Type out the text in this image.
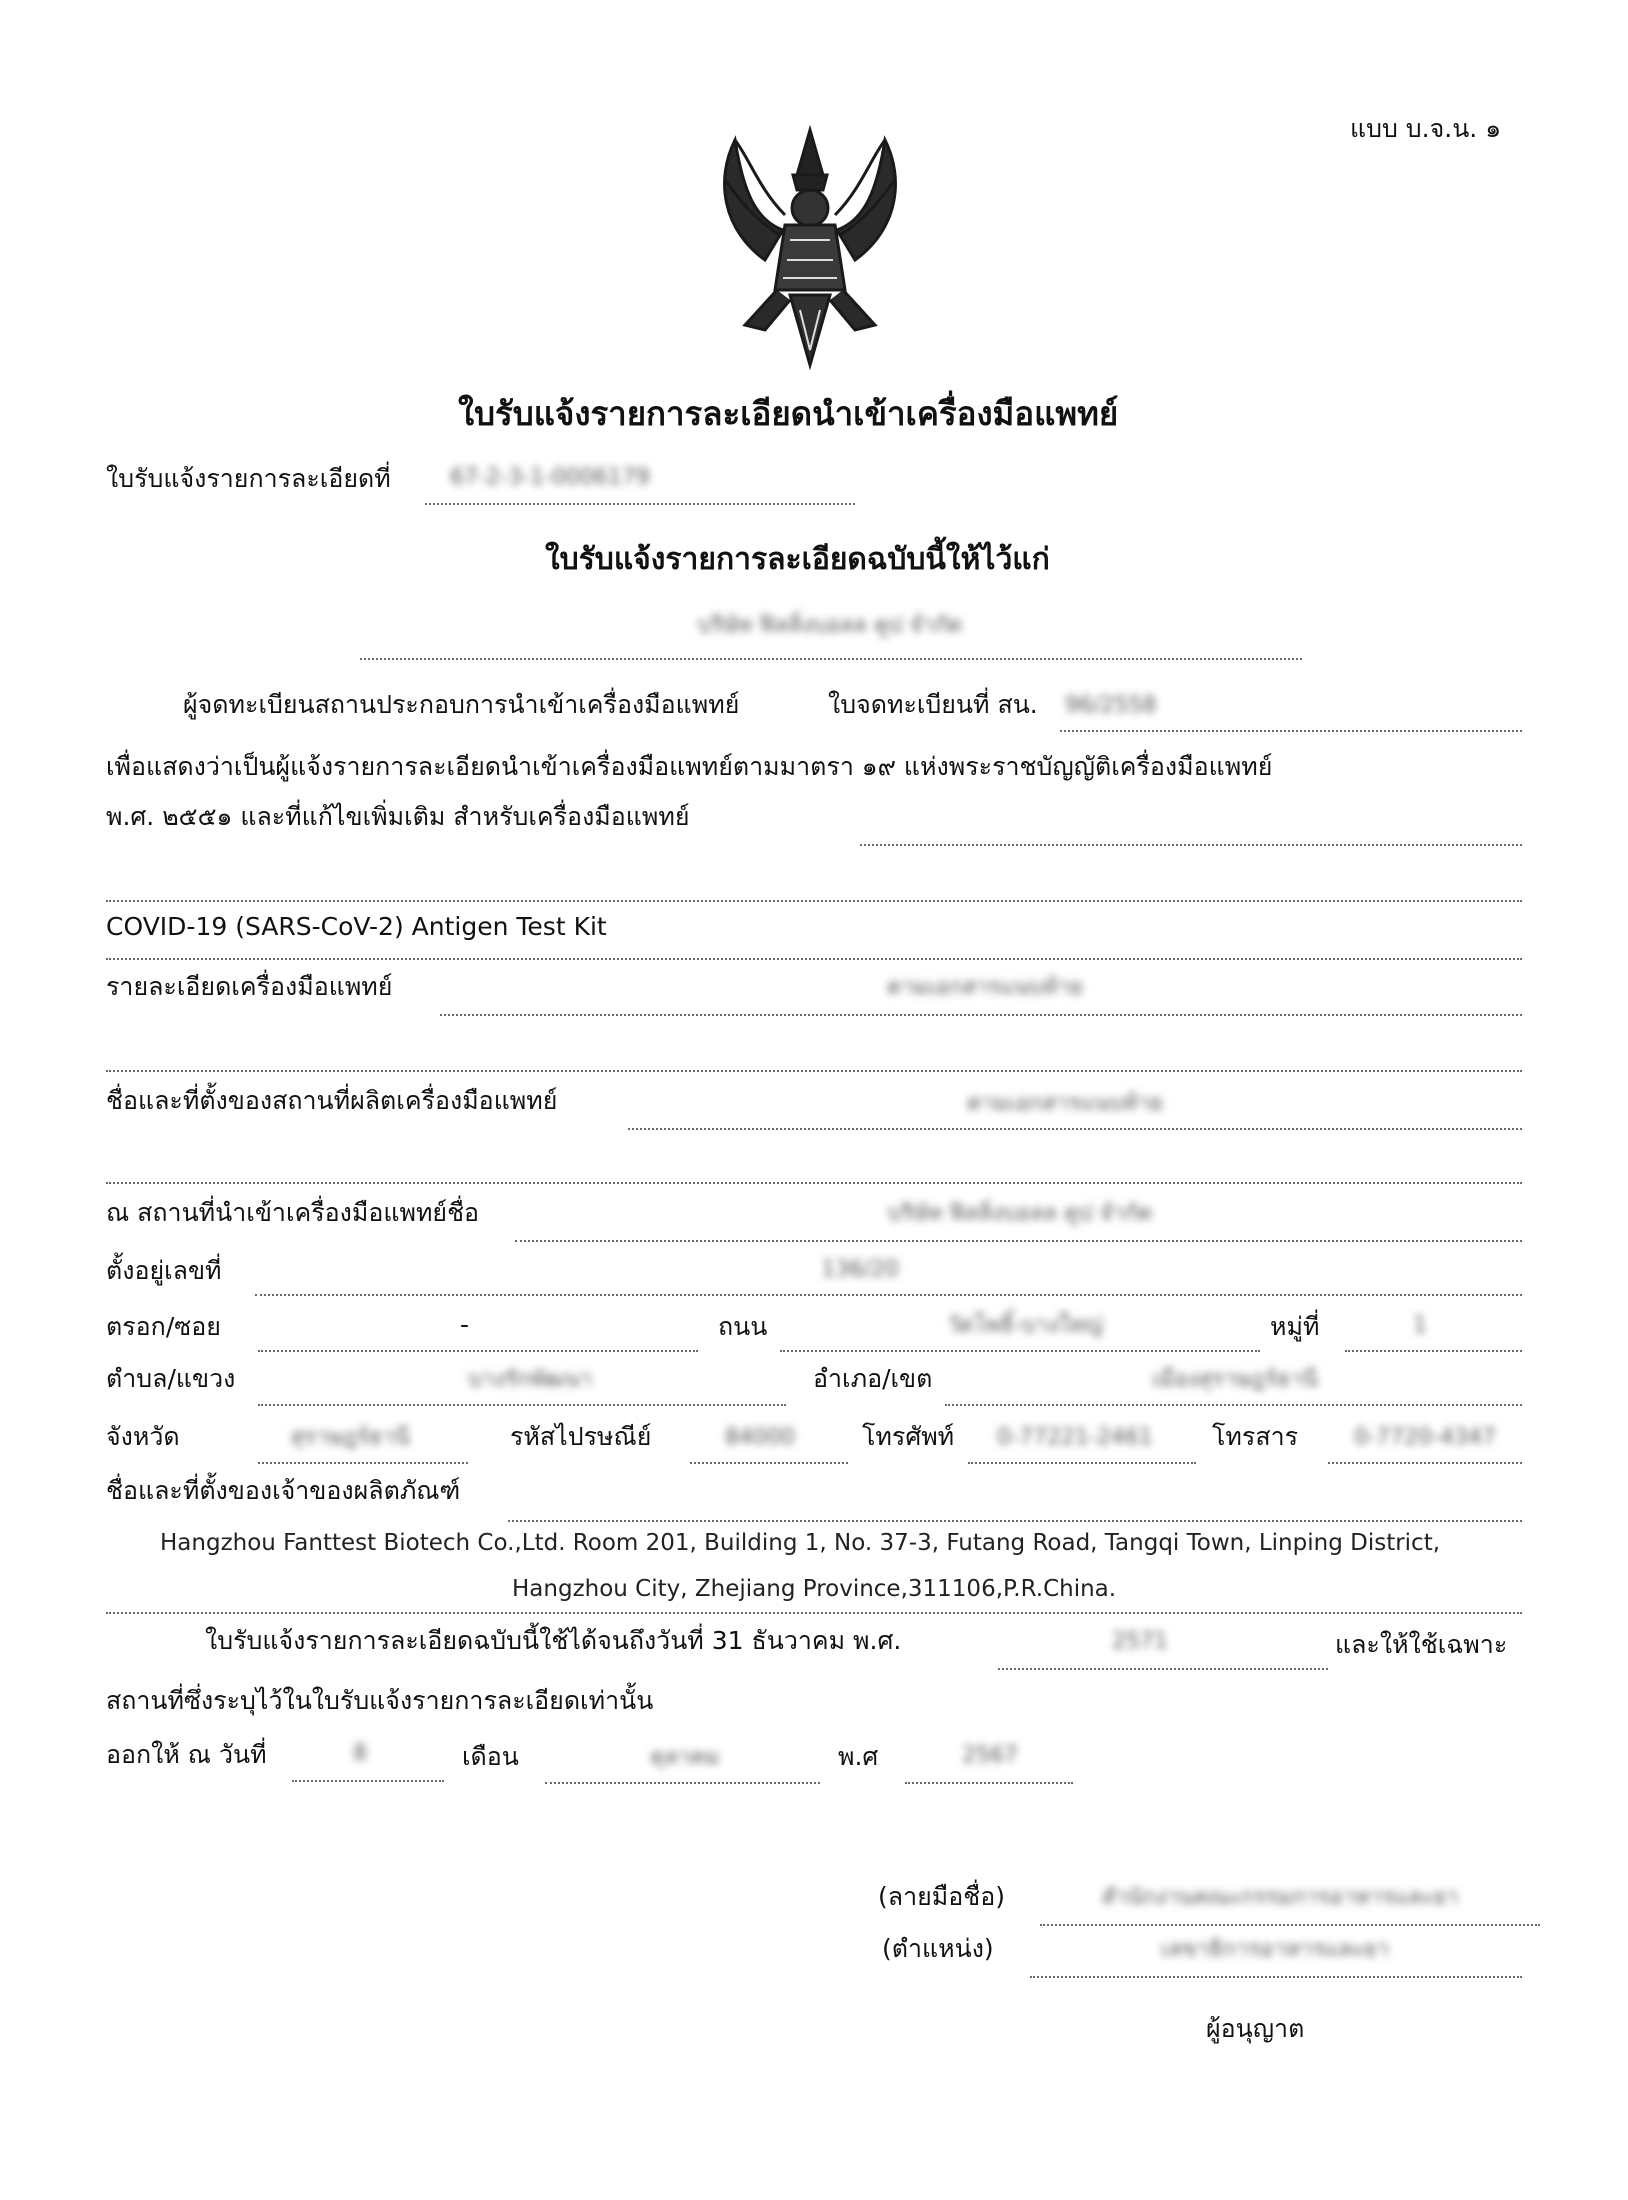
แบบ บ.จ.น. ๑
ใบรับแจ้งรายการละเอียดนำเข้าเครื่องมือแพทย์
ใบรับแจ้งรายการละเอียดที่	67-2-3-1-0006179
ใบรับแจ้งรายการละเอียดฉบับนี้ให้ไว้แก่
บริษัท ฟิลลิ่งบอลล คูป จำกัด
ผู้จดทะเบียนสถานประกอบการนำเข้าเครื่องมือแพทย์	ใบจดทะเบียนที่ สน. 96/2558
เพื่อแสดงว่าเป็นผู้แจ้งรายการละเอียดนำเข้าเครื่องมือแพทย์ตามมาตรา ๑๙ แห่งพระราชบัญญัติเครื่องมือแพทย์
พ.ศ. ๒๕๕๑ และที่แก้ไขเพิ่มเติม สำหรับเครื่องมือแพทย์
COVID-19 (SARS-CoV-2) Antigen Test Kit
รายละเอียดเครื่องมือแพทย์	ตามเอกสารแนบท้าย
ชื่อและที่ตั้งของสถานที่ผลิตเครื่องมือแพทย์	ตามเอกสารแนบท้าย
ณ สถานที่นำเข้าเครื่องมือแพทย์ชื่อ	บริษัท ฟิลลิ่งบอลล คูป จำกัด
ตั้งอยู่เลขที่	136/20
ตรอก/ซอย	-	ถนน	วัดโพธิ์-บางใหญ่	หมู่ที่	1
ตำบล/แขวง	บางรักพัฒนา	อำเภอ/เขต	เมืองสุราษฎร์ธานี
จังหวัด	สุราษฎร์ธานี	รหัสไปรษณีย์	84000	โทรศัพท์	0-77221-2461	โทรสาร	0-7720-4347
ชื่อและที่ตั้งของเจ้าของผลิตภัณฑ์
Hangzhou Fanttest Biotech Co.,Ltd. Room 201, Building 1, No. 37-3, Futang Road, Tangqi Town, Linping District,
Hangzhou City, Zhejiang Province,311106,P.R.China.
ใบรับแจ้งรายการละเอียดฉบับนี้ใช้ได้จนถึงวันที่ 31 ธันวาคม พ.ศ.	2571	และให้ใช้เฉพาะ
สถานที่ซึ่งระบุไว้ในใบรับแจ้งรายการละเอียดเท่านั้น
ออกให้ ณ วันที่	8	เดือน	ตุลาคม	พ.ศ	2567
(ลายมือชื่อ)	สำนักงานคณะกรรมการอาหารและยา
(ตำแหน่ง)	เลขาธิการอาหารและยา
ผู้อนุญาต
